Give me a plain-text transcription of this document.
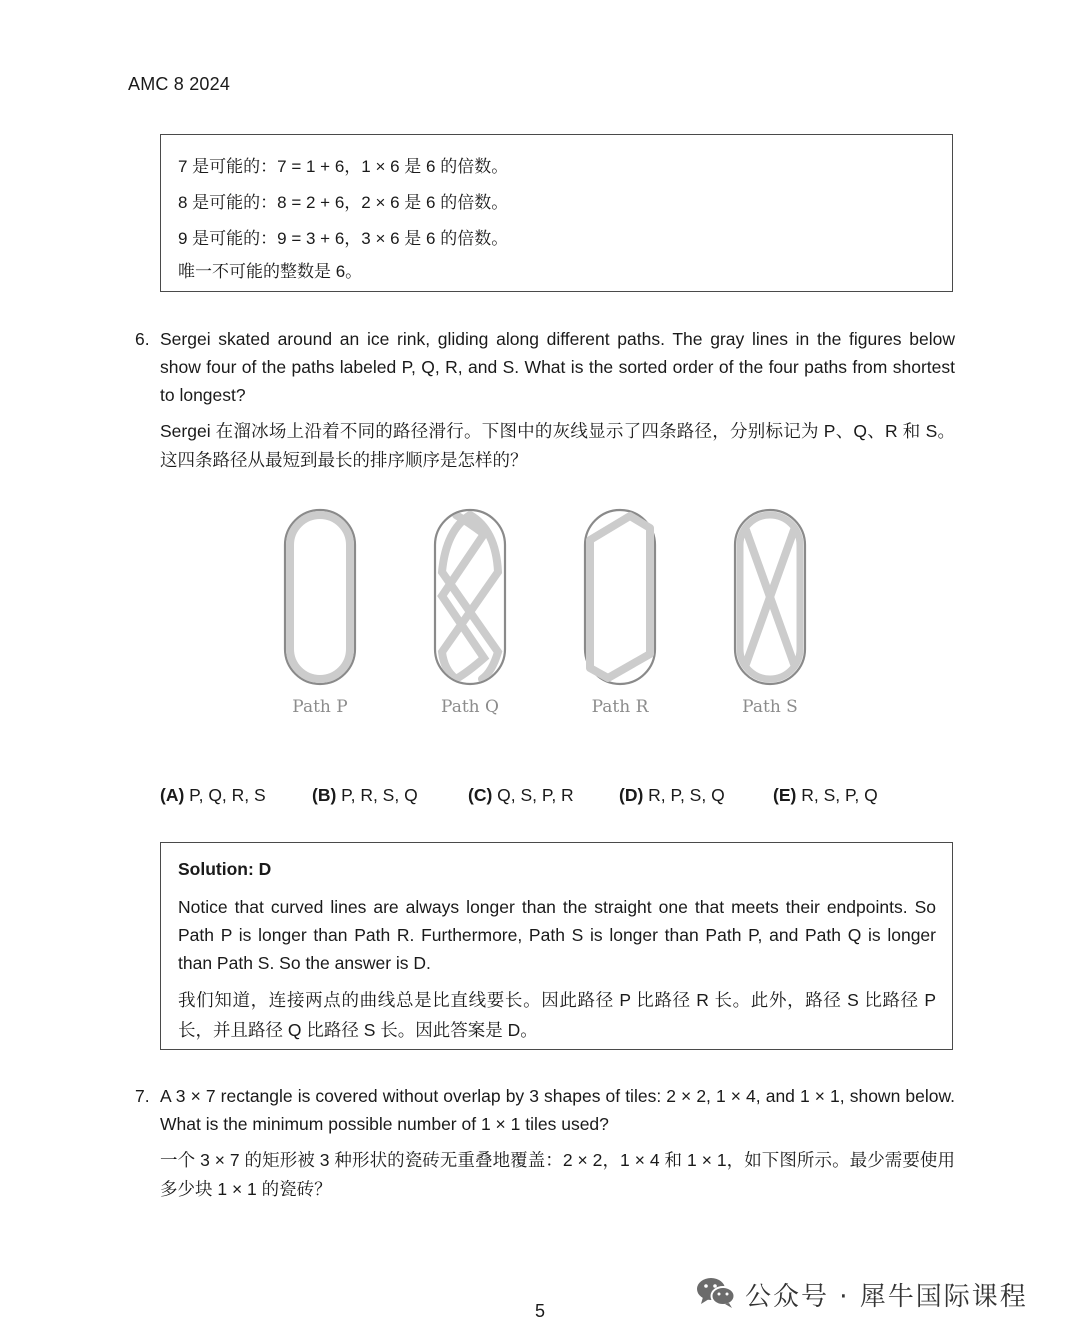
AMC 8 2024
7 是可能的：7 = 1 + 6，1 × 6 是 6 的倍数。
8 是可能的：8 = 2 + 6，2 × 6 是 6 的倍数。
9 是可能的：9 = 3 + 6，3 × 6 是 6 的倍数。
唯一不可能的整数是 6。
6. Sergei skated around an ice rink, gliding along different paths. The gray lines in the figures below show four of the paths labeled P, Q, R, and S. What is the sorted order of the four paths from shortest to longest?
Sergei 在溜冰场上沿着不同的路径滑行。下图中的灰线显示了四条路径，分别标记为 P、Q、R 和 S。这四条路径从最短到最长的排序顺序是怎样的？
Path P	Path Q	Path R	Path S
(A) P, Q, R, S	(B) P, R, S, Q	(C) Q, S, P, R	(D) R, P, S, Q	(E) R, S, P, Q
Solution: D
Notice that curved lines are always longer than the straight one that meets their endpoints. So Path P is longer than Path R. Furthermore, Path S is longer than Path P, and Path Q is longer than Path S. So the answer is D.
我们知道，连接两点的曲线总是比直线要长。因此路径 P 比路径 R 长。此外，路径 S 比路径 P 长，并且路径 Q 比路径 S 长。因此答案是 D。
7. A 3 × 7 rectangle is covered without overlap by 3 shapes of tiles: 2 × 2, 1 × 4, and 1 × 1, shown below. What is the minimum possible number of 1 × 1 tiles used?
一个 3 × 7 的矩形被 3 种形状的瓷砖无重叠地覆盖：2 × 2，1 × 4 和 1 × 1，如下图所示。最少需要使用多少块 1 × 1 的瓷砖？
公众号 · 犀牛国际课程
5
